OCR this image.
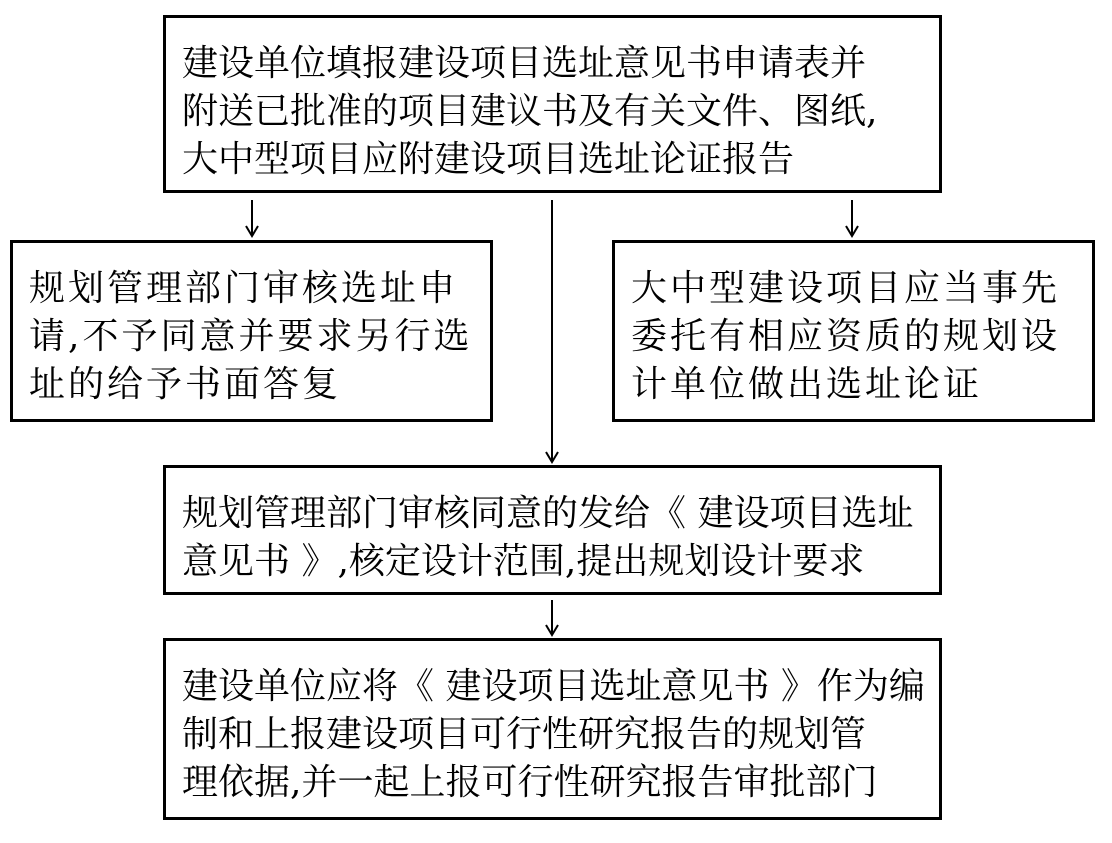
建设单位填报建设项目选址意见书申请表并

附送已批准的项目建议书及有关文件、图纸,

大中型项目应附建设项目选址论证报告

规划管理部门审核选址申

请,不予同意并要求另行选

址的给予书面答复

大中型建设项目应当事先

委托有相应资质的规划设

计单位做出选址论证

规划管理部门审核同意的发给《 建设项目选址

意见书 》,核定设计范围,提出规划设计要求

建设单位应将《 建设项目选址意见书 》作为编

制和上报建设项目可行性研究报告的规划管

理依据,并一起上报可行性研究报告审批部门
